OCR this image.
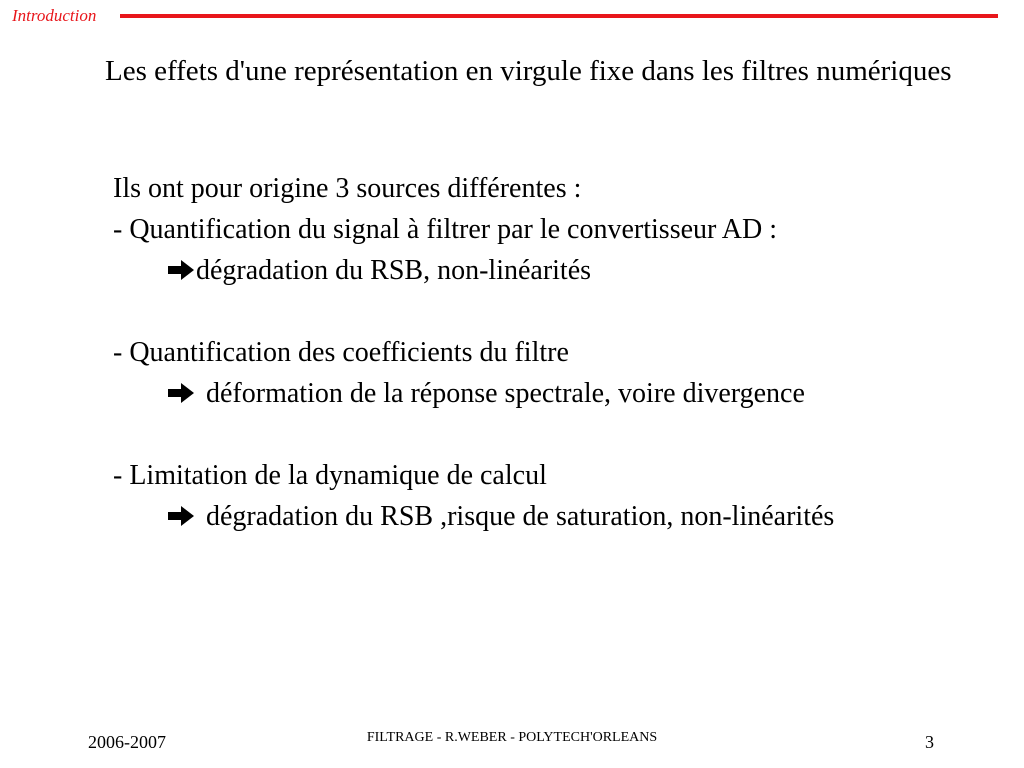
Introduction
Les effets d'une représentation en virgule fixe dans les filtres numériques
Ils ont pour origine 3 sources différentes :
- Quantification du signal à filtrer par le convertisseur AD :
dégradation du RSB, non-linéarités
- Quantification des coefficients du filtre
déformation de la réponse spectrale, voire divergence
- Limitation de la dynamique de calcul
dégradation du RSB ,risque de saturation, non-linéarités
2006-2007	FILTRAGE - R.WEBER - POLYTECH'ORLEANS	3
